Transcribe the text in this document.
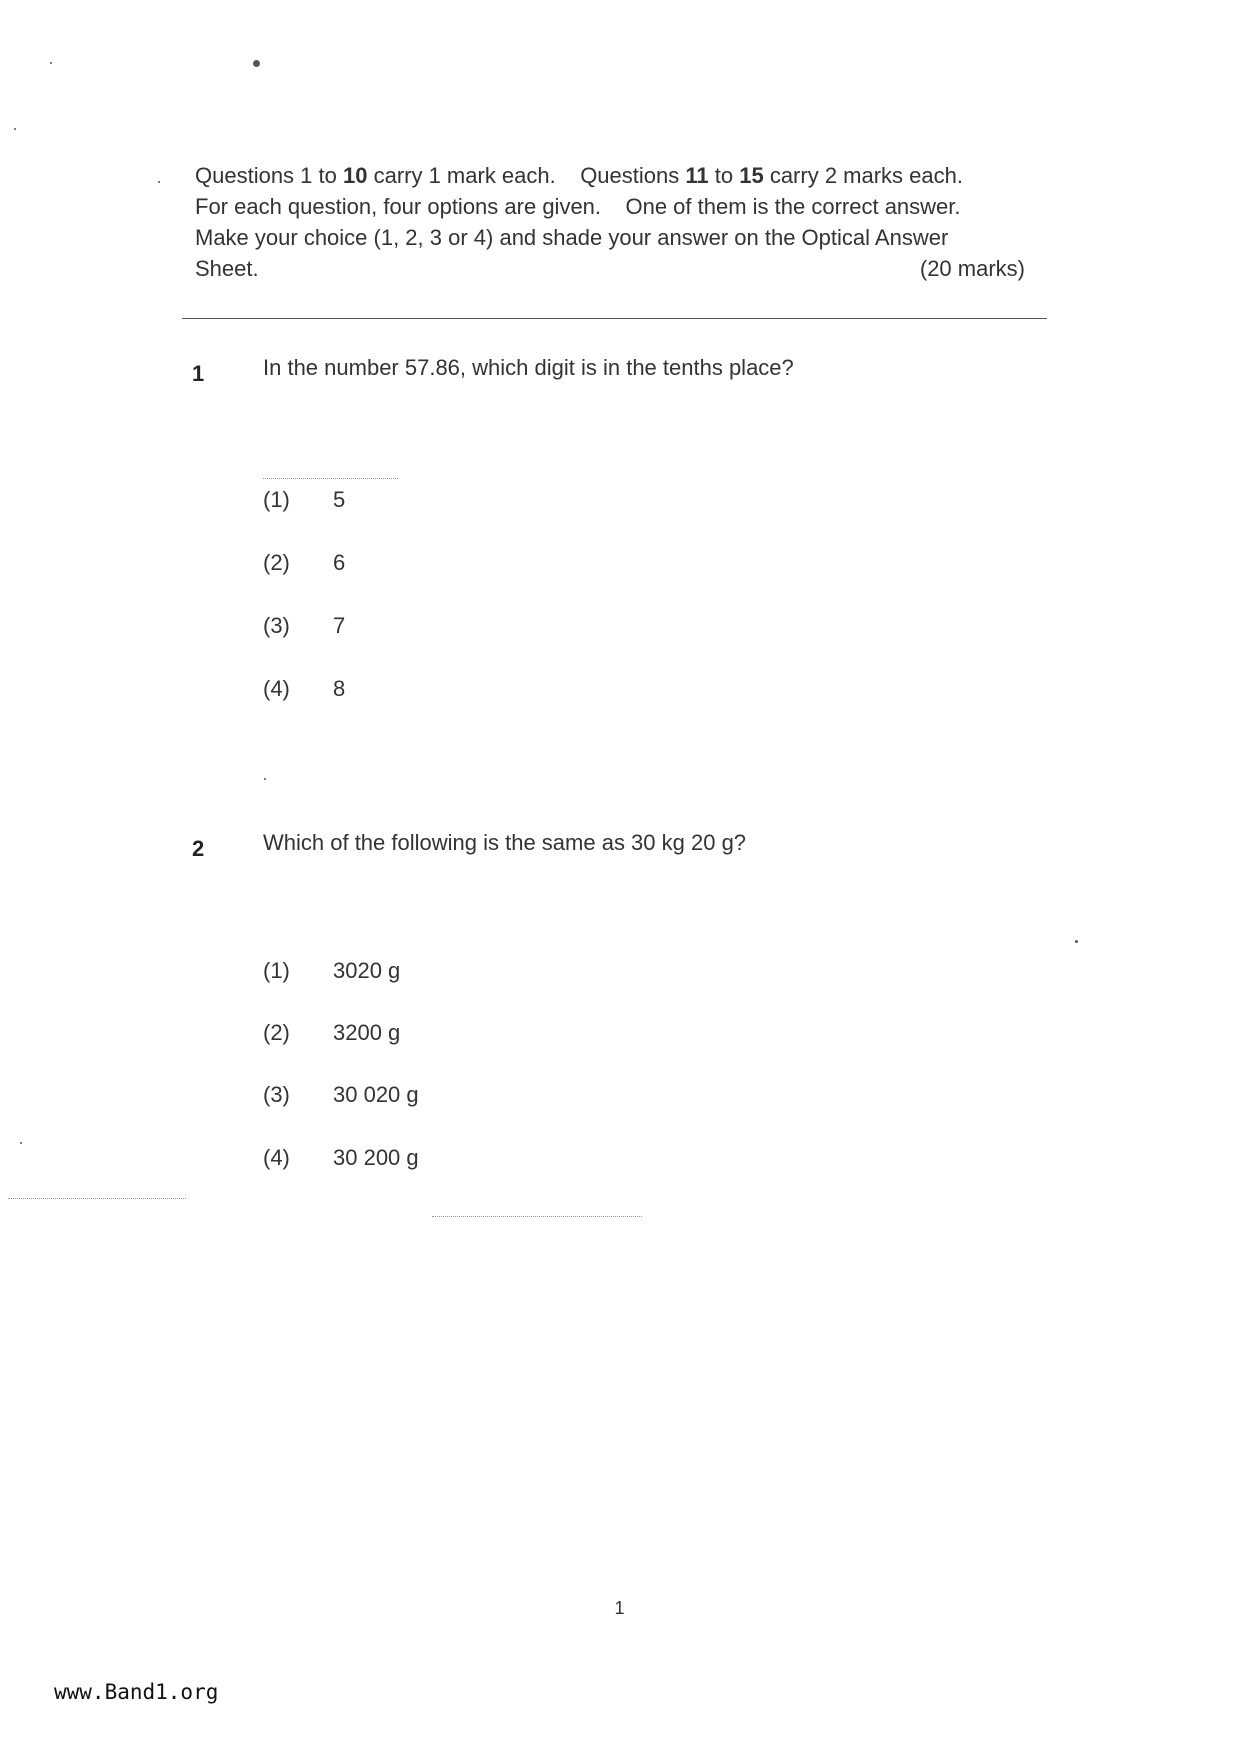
Questions 1 to 10 carry 1 mark each.    Questions 11 to 15 carry 2 marks each.
For each question, four options are given.    One of them is the correct answer.
Make your choice (1, 2, 3 or 4) and shade your answer on the Optical Answer
Sheet.	(20 marks)
1	In the number 57.86, which digit is in the tenths place?
(1) 5
(2) 6
(3) 7
(4) 8
2	Which of the following is the same as 30 kg 20 g?
(1) 3020 g
(2) 3200 g
(3) 30 020 g
(4) 30 200 g
1
www.Band1.org
